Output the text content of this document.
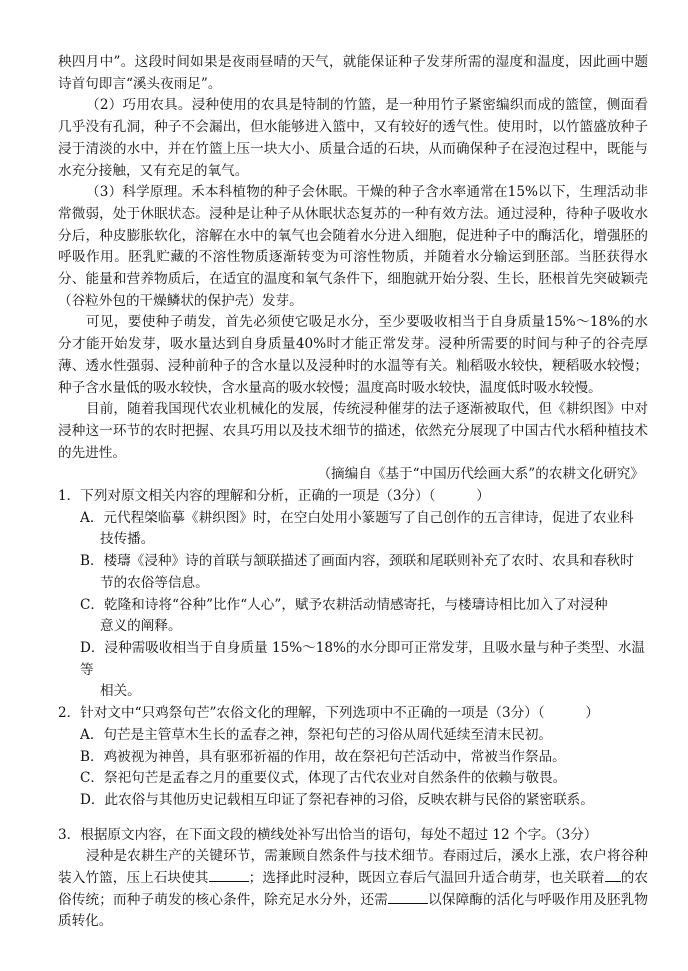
秧四月中”。这段时间如果是夜雨昼晴的天气，就能保证种子发芽所需的湿度和温度，因此画中题诗首句即言“溪头夜雨足”。

（2）巧用农具。浸种使用的农具是特制的竹篮，是一种用竹子紧密编织而成的篮筐，侧面看几乎没有孔洞，种子不会漏出，但水能够进入篮中，又有较好的透气性。使用时，以竹篮盛放种子浸于清淡的水中，并在竹篮上压一块大小、质量合适的石块，从而确保种子在浸泡过程中，既能与水充分接触，又有充足的氧气。

（3）科学原理。禾本科植物的种子会休眠。干燥的种子含水率通常在15%以下，生理活动非常微弱，处于休眠状态。浸种是让种子从休眠状态复苏的一种有效方法。通过浸种，待种子吸收水分后，种皮膨胀软化，溶解在水中的氧气也会随着水分进入细胞，促进种子中的酶活化，增强胚的呼吸作用。胚乳贮藏的不溶性物质逐渐转变为可溶性物质，并随着水分输运到胚部。当胚获得水分、能量和营养物质后，在适宜的温度和氧气条件下，细胞就开始分裂、生长，胚根首先突破颖壳（谷粒外包的干燥鳞状的保护壳）发芽。

可见，要使种子萌发，首先必须使它吸足水分，至少要吸收相当于自身质量15%～18%的水分才能开始发芽，吸水量达到自身质量40%时才能正常发芽。浸种所需要的时间与种子的谷壳厚薄、透水性强弱、浸种前种子的含水量以及浸种时的水温等有关。籼稻吸水较快，粳稻吸水较慢；种子含水量低的吸水较快，含水量高的吸水较慢；温度高时吸水较快，温度低时吸水较慢。

目前，随着我国现代农业机械化的发展，传统浸种催芽的法子逐渐被取代，但《耕织图》中对浸种这一环节的农时把握、农具巧用以及技术细节的描述，依然充分展现了中国古代水稻种植技术的先进性。

（摘编自《基于“中国历代绘画大系”的农耕文化研究》

1．下列对原文相关内容的理解和分析，正确的一项是（3分）（　　　）

A．元代程棨临摹《耕织图》时，在空白处用小篆题写了自己创作的五言律诗，促进了农业科
技传播。

B．楼璹《浸种》诗的首联与颔联描述了画面内容，颈联和尾联则补充了农时、农具和春秋时
节的农俗等信息。

C．乾隆和诗将“谷种”比作“人心”，赋予农耕活动情感寄托，与楼璹诗相比加入了对浸种
意义的阐释。

D．浸种需吸收相当于自身质量 15%～18%的水分即可正常发芽，且吸水量与种子类型、水温等
相关。

2．针对文中“只鸡祭句芒”农俗文化的理解，下列选项中不正确的一项是（3分）（　　　）

A．句芒是主管草木生长的孟春之神，祭祀句芒的习俗从周代延续至清末民初。

B．鸡被视为神兽，具有驱邪祈福的作用，故在祭祀句芒活动中，常被当作祭品。

C．祭祀句芒是孟春之月的重要仪式，体现了古代农业对自然条件的依赖与敬畏。

D．此农俗与其他历史记载相互印证了祭祀春神的习俗，反映农耕与民俗的紧密联系。

3．根据原文内容，在下面文段的横线处补写出恰当的语句，每处不超过 12 个字。（3分）

浸种是农耕生产的关键环节，需兼顾自然条件与技术细节。春雨过后，溪水上涨，农户将谷种装入竹篮，压上石块使其	；选择此时浸种，既因立春后气温回升适合萌芽，也关联着 的农俗传统；而种子萌发的核心条件，除充足水分外，还需	以保障酶的活化与呼吸作用及胚乳物质转化。
